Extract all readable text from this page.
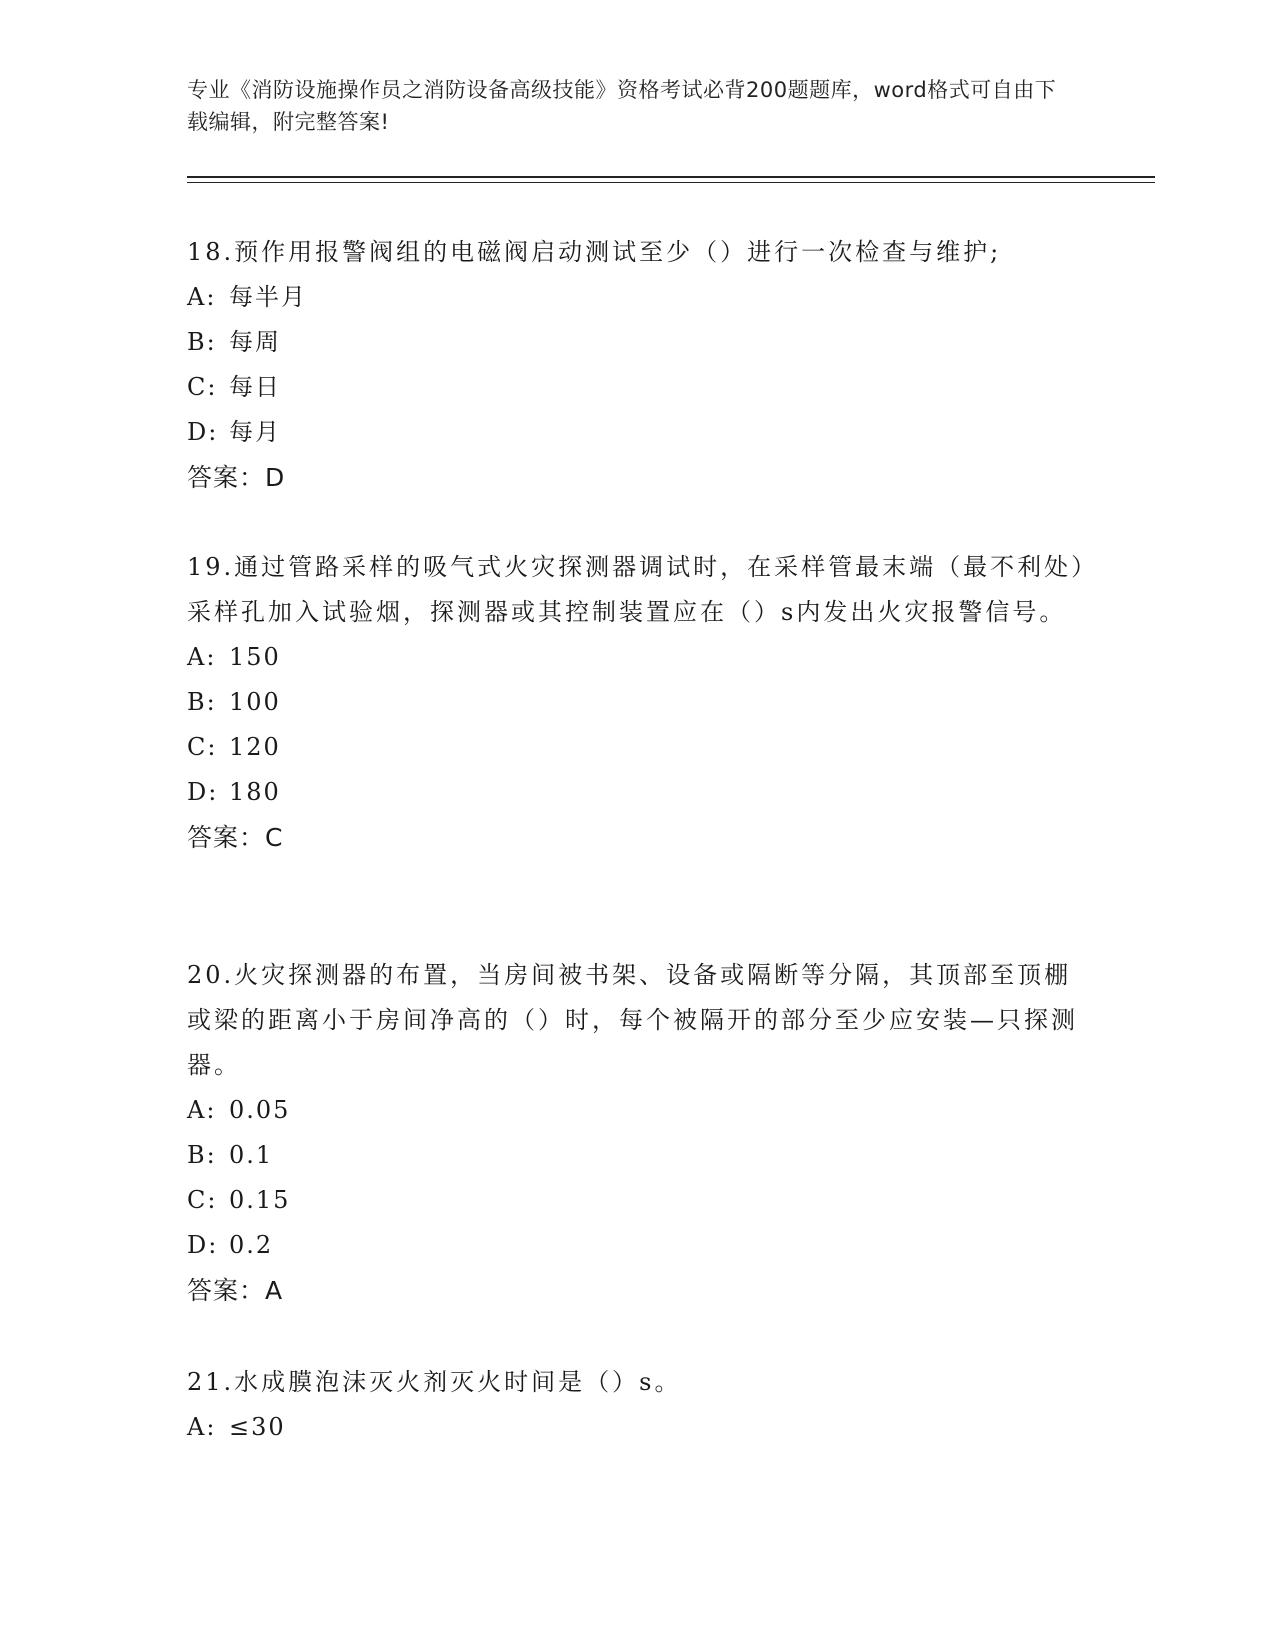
专业《消防设施操作员之消防设备高级技能》资格考试必背200题题库，word格式可自由下载编辑，附完整答案!

18.预作用报警阀组的电磁阀启动测试至少（）进行一次检查与维护;

A: 每半月

B: 每周

C: 每日

D: 每月

答案：D

19.通过管路采样的吸气式火灾探测器调试时，在采样管最末端（最不利处）采样孔加入试验烟，探测器或其控制装置应在（）s内发出火灾报警信号。

A: 150

B: 100

C: 120

D: 180

答案：C

20.火灾探测器的布置，当房间被书架、设备或隔断等分隔，其顶部至顶棚或梁的距离小于房间净高的（）时，每个被隔开的部分至少应安装—只探测器。

A: 0.05

B: 0.1

C: 0.15

D: 0.2

答案：A

21.水成膜泡沫灭火剂灭火时间是（）s。

A: ≤30
